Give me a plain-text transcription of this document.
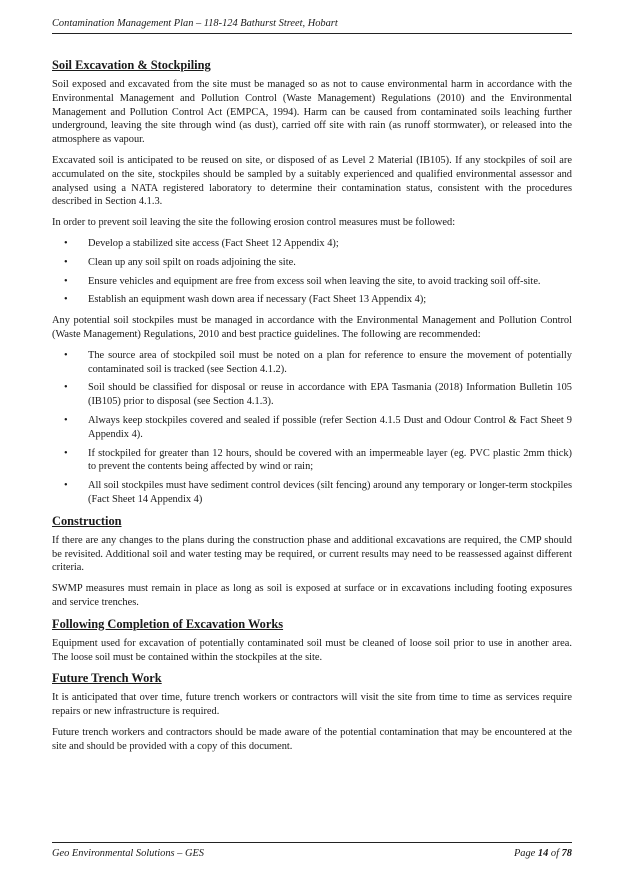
Contamination Management Plan – 118-124 Bathurst Street, Hobart
Soil Excavation & Stockpiling

Soil exposed and excavated from the site must be managed so as not to cause environmental harm in accordance with the Environmental Management and Pollution Control (Waste Management) Regulations (2010) and the Environmental Management and Pollution Control Act (EMPCA, 1994). Harm can be caused from contaminated soils leaching further underground, leaving the site through wind (as dust), carried off site with rain (as runoff stormwater), or released into the atmosphere as vapour.

Excavated soil is anticipated to be reused on site, or disposed of as Level 2 Material (IB105). If any stockpiles of soil are accumulated on the site, stockpiles should be sampled by a suitably experienced and qualified environmental assessor and analysed using a NATA registered laboratory to determine their contamination status, consistent with the procedures described in Section 4.1.3.

In order to prevent soil leaving the site the following erosion control measures must be followed:

• Develop a stabilized site access (Fact Sheet 12 Appendix 4);
• Clean up any soil spilt on roads adjoining the site.
• Ensure vehicles and equipment are free from excess soil when leaving the site, to avoid tracking soil off-site.
• Establish an equipment wash down area if necessary (Fact Sheet 13 Appendix 4);

Any potential soil stockpiles must be managed in accordance with the Environmental Management and Pollution Control (Waste Management) Regulations, 2010 and best practice guidelines. The following are recommended:

• The source area of stockpiled soil must be noted on a plan for reference to ensure the movement of potentially contaminated soil is tracked (see Section 4.1.2).
• Soil should be classified for disposal or reuse in accordance with EPA Tasmania (2018) Information Bulletin 105 (IB105) prior to disposal (see Section 4.1.3).
• Always keep stockpiles covered and sealed if possible (refer Section 4.1.5 Dust and Odour Control & Fact Sheet 9 Appendix 4).
• If stockpiled for greater than 12 hours, should be covered with an impermeable layer (eg. PVC plastic 2mm thick) to prevent the contents being affected by wind or rain;
• All soil stockpiles must have sediment control devices (silt fencing) around any temporary or longer-term stockpiles (Fact Sheet 14 Appendix 4)
Construction

If there are any changes to the plans during the construction phase and additional excavations are required, the CMP should be revisited. Additional soil and water testing may be required, or current results may need to be reassessed against different criteria.

SWMP measures must remain in place as long as soil is exposed at surface or in excavations including footing exposures and service trenches.

Following Completion of Excavation Works

Equipment used for excavation of potentially contaminated soil must be cleaned of loose soil prior to use in another area. The loose soil must be contained within the stockpiles at the site.

Future Trench Work

It is anticipated that over time, future trench workers or contractors will visit the site from time to time as services require repairs or new infrastructure is required.

Future trench workers and contractors should be made aware of the potential contamination that may be encountered at the site and should be provided with a copy of this document.

Geo Environmental Solutions – GES	Page 14 of 78
